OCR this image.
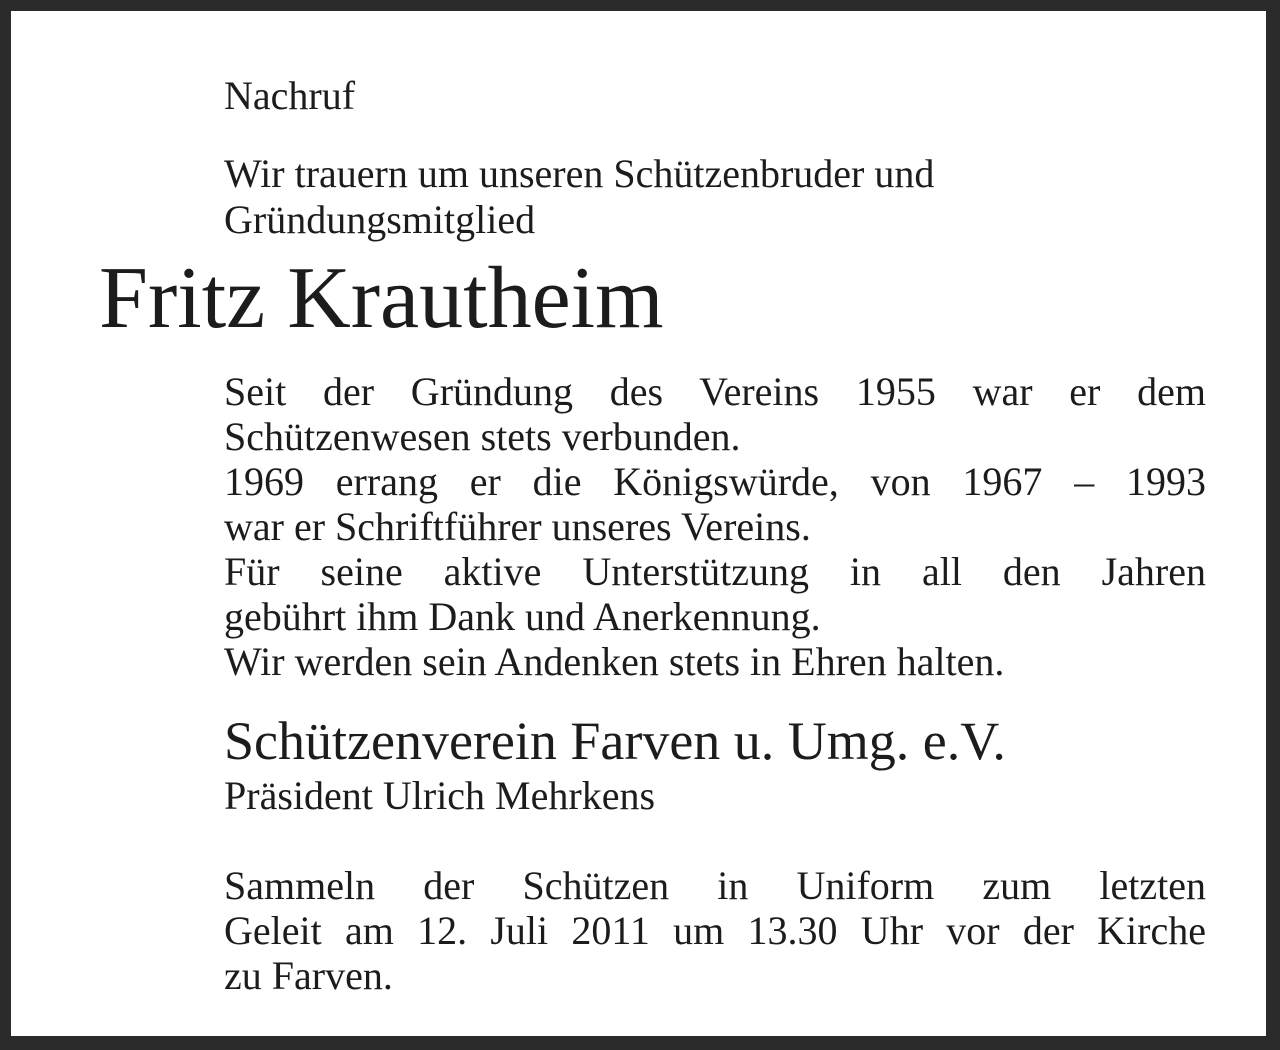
Nachruf

Wir trauern um unseren Schützenbruder und
Gründungsmitglied

Fritz Krautheim

Seit der Gründung des Vereins 1955 war er dem
Schützenwesen stets verbunden.
1969 errang er die Königswürde, von 1967 – 1993
war er Schriftführer unseres Vereins.
Für seine aktive Unterstützung in all den Jahren
gebührt ihm Dank und Anerkennung.
Wir werden sein Andenken stets in Ehren halten.

Schützenverein Farven u. Umg. e.V.

Präsident Ulrich Mehrkens

Sammeln der Schützen in Uniform zum letzten
Geleit am 12. Juli 2011 um 13.30 Uhr vor der Kirche
zu Farven.
